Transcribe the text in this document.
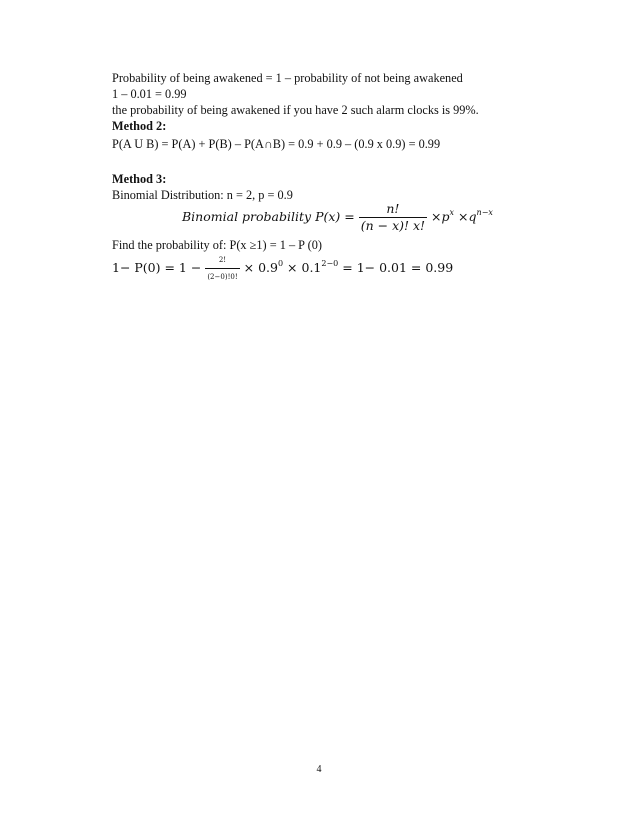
Probability of being awakened = 1 – probability of not being awakened
1 – 0.01 = 0.99
the probability of being awakened if you have 2 such alarm clocks is 99%.
Method 2:
P(A U B) = P(A) + P(B) – P(A∩B) = 0.9 + 0.9 – (0.9 x 0.9) = 0.99
Method 3:
Binomial Distribution: n = 2, p = 0.9
Binomial probability $P(x) = \frac{n!}{(n - x)! x!} \times p^x \times q^{n-x}$
Find the probability of: P(x ≥1) = 1 – P (0)
$1- P(0) = 1 - \frac{2!}{(2-0)!0!} \times 0.9^0 \times 0.1^{2-0} = 1- 0.01 = 0.99$
4
